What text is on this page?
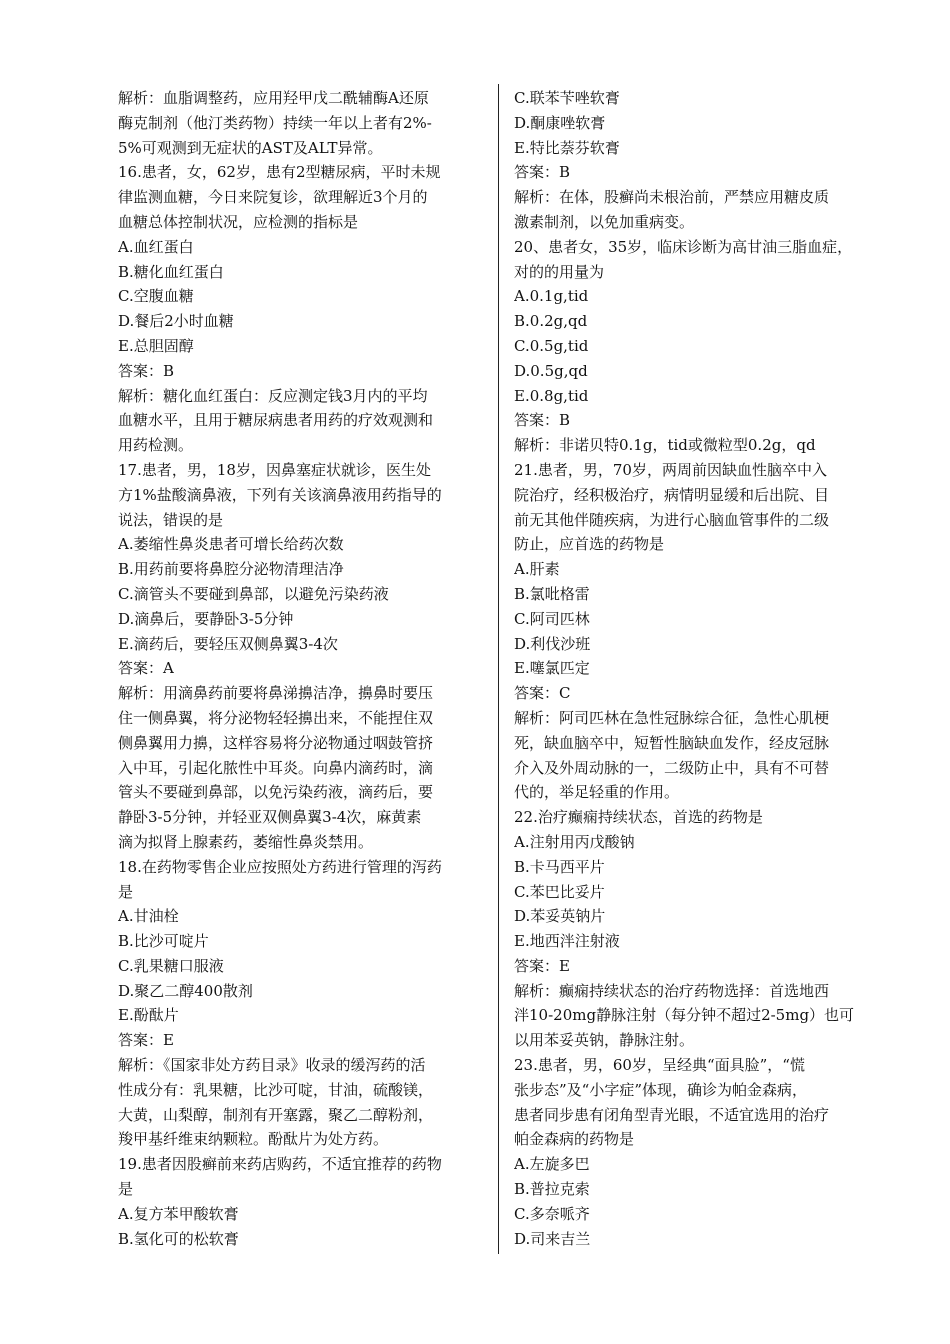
解析：血脂调整药，应用羟甲戊二酰辅酶A还原
酶克制剂（他汀类药物）持续一年以上者有2%-
5%可观测到无症状的AST及ALT异常。
16.患者，女，62岁，患有2型糖尿病，平时未规
律监测血糖，今日来院复诊，欲理解近3个月的
血糖总体控制状况，应检测的指标是
A.血红蛋白
B.糖化血红蛋白
C.空腹血糖
D.餐后2小时血糖
E.总胆固醇
答案：B
解析：糖化血红蛋白：反应测定钱3月内的平均
血糖水平，且用于糖尿病患者用药的疗效观测和
用药检测。
17.患者，男，18岁，因鼻塞症状就诊，医生处
方1%盐酸滴鼻液，下列有关该滴鼻液用药指导的
说法，错误的是
A.萎缩性鼻炎患者可增长给药次数
B.用药前要将鼻腔分泌物清理洁净
C.滴管头不要碰到鼻部，以避免污染药液
D.滴鼻后，要静卧3-5分钟
E.滴药后，要轻压双侧鼻翼3-4次
答案：A
解析：用滴鼻药前要将鼻涕擤洁净，擤鼻时要压
住一侧鼻翼，将分泌物轻轻擤出来，不能捏住双
侧鼻翼用力擤，这样容易将分泌物通过咽鼓管挤
入中耳，引起化脓性中耳炎。向鼻内滴药时，滴
管头不要碰到鼻部，以免污染药液，滴药后，要
静卧3-5分钟，并轻亚双侧鼻翼3-4次，麻黄素
滴为拟肾上腺素药，萎缩性鼻炎禁用。
18.在药物零售企业应按照处方药进行管理的泻药
是
A.甘油栓
B.比沙可啶片
C.乳果糖口服液
D.聚乙二醇400散剂
E.酚酞片
答案：E
解析：《国家非处方药目录》收录的缓泻药的活
性成分有：乳果糖，比沙可啶，甘油，硫酸镁，
大黄，山梨醇，制剂有开塞露，聚乙二醇粉剂，
羧甲基纤维束纳颗粒。酚酞片为处方药。
19.患者因股癣前来药店购药，不适宜推荐的药物
是
A.复方苯甲酸软膏
B.氢化可的松软膏
C.联苯苄唑软膏
D.酮康唑软膏
E.特比萘芬软膏
答案：B
解析：在体，股癣尚未根治前，严禁应用糖皮质
激素制剂，以免加重病变。
20、患者女，35岁，临床诊断为高甘油三脂血症，
对的的用量为
A.0.1g,tid
B.0.2g,qd
C.0.5g,tid
D.0.5g,qd
E.0.8g,tid
答案：B
解析：非诺贝特0.1g，tid或微粒型0.2g，qd
21.患者，男，70岁，两周前因缺血性脑卒中入
院治疗，经积极治疗，病情明显缓和后出院、目
前无其他伴随疾病，为进行心脑血管事件的二级
防止，应首选的药物是
A.肝素
B.氯吡格雷
C.阿司匹林
D.利伐沙班
E.噻氯匹定
答案：C
解析：阿司匹林在急性冠脉综合征，急性心肌梗
死，缺血脑卒中，短暂性脑缺血发作，经皮冠脉
介入及外周动脉的一，二级防止中，具有不可替
代的，举足轻重的作用。
22.治疗癫痫持续状态，首选的药物是
A.注射用丙戊酸钠
B.卡马西平片
C.苯巴比妥片
D.苯妥英钠片
E.地西泮注射液
答案：E
解析：癫痫持续状态的治疗药物选择：首选地西
泮10-20mg静脉注射（每分钟不超过2-5mg）也可
以用苯妥英钠，静脉注射。
23.患者，男，60岁，呈经典“面具脸”，“慌
张步态”及“小字症”体现，确诊为帕金森病，
患者同步患有闭角型青光眼，不适宜选用的治疗
帕金森病的药物是
A.左旋多巴
B.普拉克索
C.多奈哌齐
D.司来吉兰
